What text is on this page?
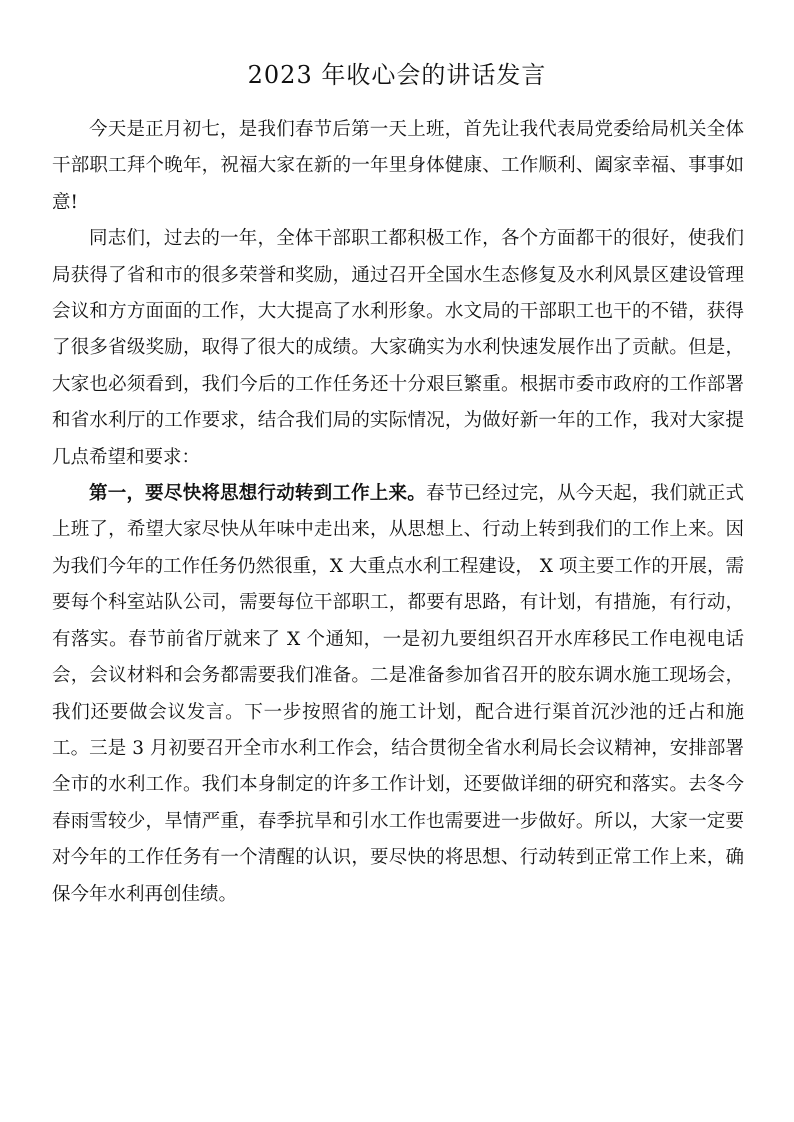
2023 年收心会的讲话发言

今天是正月初七，是我们春节后第一天上班，首先让我代表局党委给局机关全体干部职工拜个晚年，祝福大家在新的一年里身体健康、工作顺利、阖家幸福、事事如意!

同志们，过去的一年，全体干部职工都积极工作，各个方面都干的很好，使我们局获得了省和市的很多荣誉和奖励，通过召开全国水生态修复及水利风景区建设管理会议和方方面面的工作，大大提高了水利形象。水文局的干部职工也干的不错，获得了很多省级奖励，取得了很大的成绩。大家确实为水利快速发展作出了贡献。但是，大家也必须看到，我们今后的工作任务还十分艰巨繁重。根据市委市政府的工作部署和省水利厅的工作要求，结合我们局的实际情况，为做好新一年的工作，我对大家提几点希望和要求：

第一，要尽快将思想行动转到工作上来。春节已经过完，从今天起，我们就正式上班了，希望大家尽快从年味中走出来，从思想上、行动上转到我们的工作上来。因为我们今年的工作任务仍然很重，X 大重点水利工程建设， X 项主要工作的开展，需要每个科室站队公司，需要每位干部职工，都要有思路，有计划，有措施，有行动，有落实。春节前省厅就来了 X 个通知，一是初九要组织召开水库移民工作电视电话会，会议材料和会务都需要我们准备。二是准备参加省召开的胶东调水施工现场会，我们还要做会议发言。下一步按照省的施工计划，配合进行渠首沉沙池的迁占和施工。三是 3 月初要召开全市水利工作会，结合贯彻全省水利局长会议精神，安排部署全市的水利工作。我们本身制定的许多工作计划，还要做详细的研究和落实。去冬今 春雨雪较少，旱情严重，春季抗旱和引水工作也需要进一步做好。所以，大家一定要对今年的工作任务有一个清醒的认识，要尽快的将思想、行动转到正常工作上来，确保今年水利再创佳绩。
